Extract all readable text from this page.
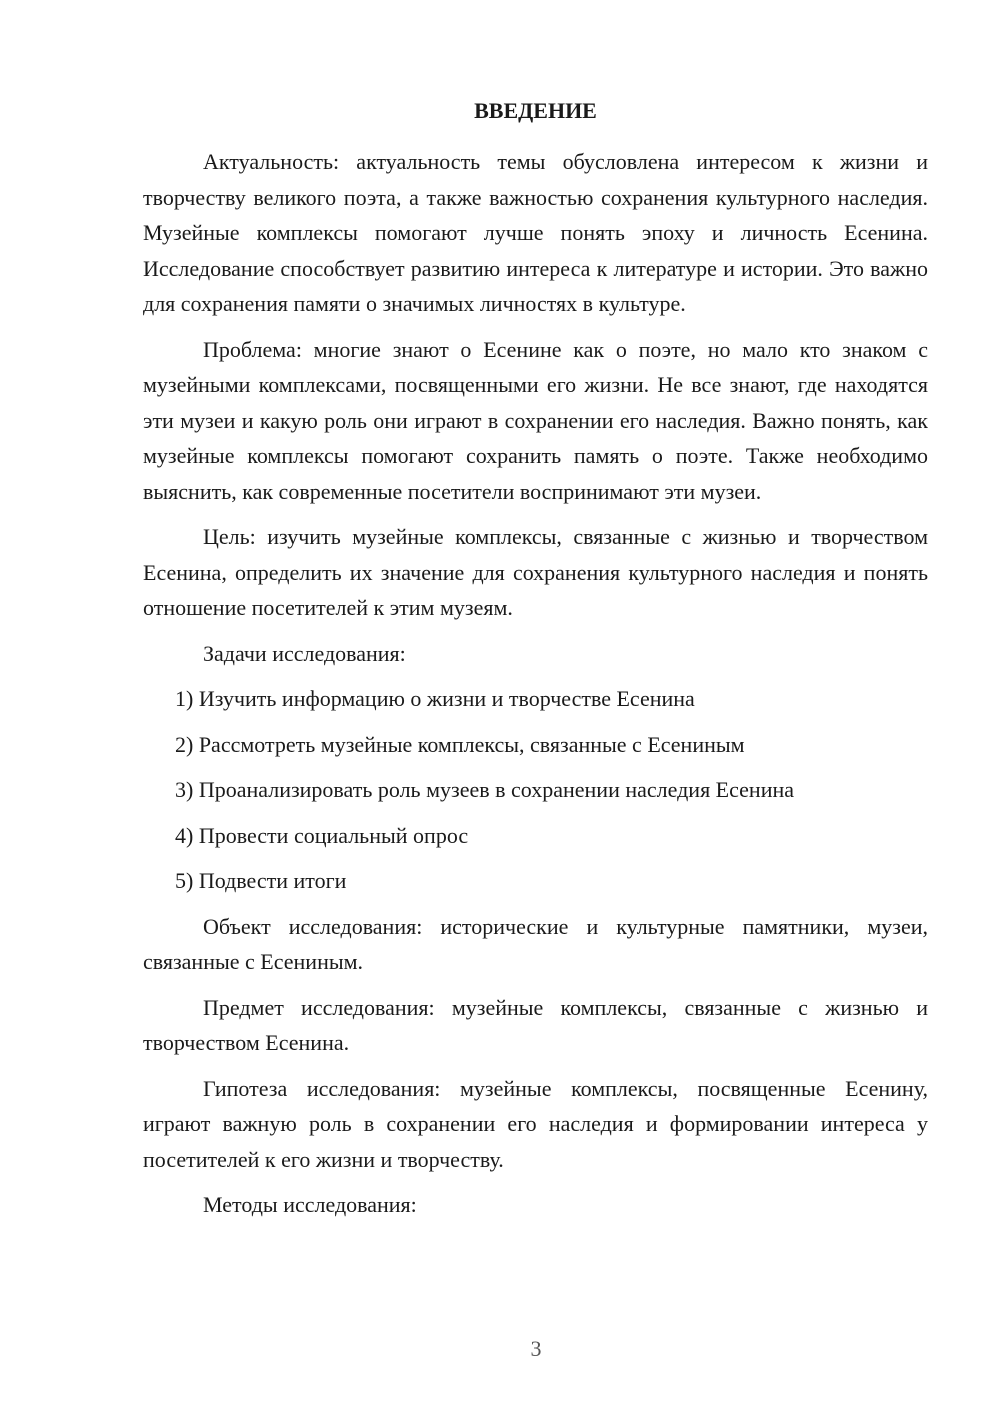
ВВЕДЕНИЕ

Актуальность: актуальность темы обусловлена интересом к жизни и творчеству великого поэта, а также важностью сохранения культурного наследия. Музейные комплексы помогают лучше понять эпоху и личность Есенина. Исследование способствует развитию интереса к литературе и истории. Это важно для сохранения памяти о значимых личностях в культуре.

Проблема: многие знают о Есенине как о поэте, но мало кто знаком с музейными комплексами, посвященными его жизни. Не все знают, где находятся эти музеи и какую роль они играют в сохранении его наследия. Важно понять, как музейные комплексы помогают сохранить память о поэте. Также необходимо выяснить, как современные посетители воспринимают эти музеи.

Цель: изучить музейные комплексы, связанные с жизнью и творчеством Есенина, определить их значение для сохранения культурного наследия и понять отношение посетителей к этим музеям.

Задачи исследования:

1) Изучить информацию о жизни и творчестве Есенина
2) Рассмотреть музейные комплексы, связанные с Есениным
3) Проанализировать роль музеев в сохранении наследия Есенина
4) Провести социальный опрос
5) Подвести итоги

Объект исследования: исторические и культурные памятники, музеи, связанные с Есениным.

Предмет исследования: музейные комплексы, связанные с жизнью и творчеством Есенина.

Гипотеза исследования: музейные комплексы, посвященные Есенину, играют важную роль в сохранении его наследия и формировании интереса у посетителей к его жизни и творчеству.

Методы исследования:

3
